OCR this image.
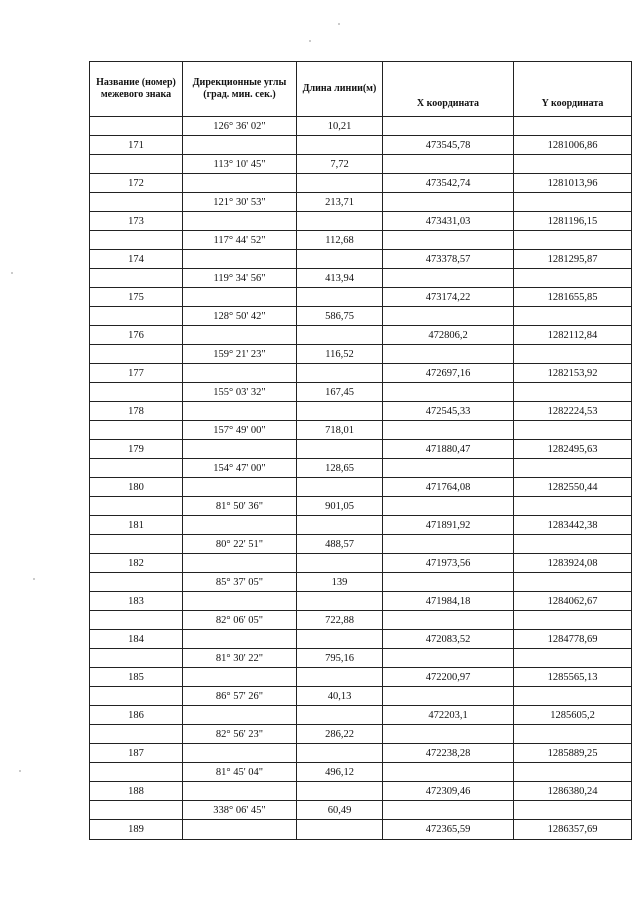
Название (номер) межевого знака	Дирекционные углы (град. мин. сек.)	Длина линии(м)	X координата	Y координата
	126° 36' 02"	10,21		
171			473545,78	1281006,86
	113° 10' 45"	7,72		
172			473542,74	1281013,96
	121° 30' 53"	213,71		
173			473431,03	1281196,15
	117° 44' 52"	112,68		
174			473378,57	1281295,87
	119° 34' 56"	413,94		
175			473174,22	1281655,85
	128° 50' 42"	586,75		
176			472806,2	1282112,84
	159° 21' 23"	116,52		
177			472697,16	1282153,92
	155° 03' 32"	167,45		
178			472545,33	1282224,53
	157° 49' 00"	718,01		
179			471880,47	1282495,63
	154° 47' 00"	128,65		
180			471764,08	1282550,44
	81° 50' 36"	901,05		
181			471891,92	1283442,38
	80° 22' 51"	488,57		
182			471973,56	1283924,08
	85° 37' 05"	139		
183			471984,18	1284062,67
	82° 06' 05"	722,88		
184			472083,52	1284778,69
	81° 30' 22"	795,16		
185			472200,97	1285565,13
	86° 57' 26"	40,13		
186			472203,1	1285605,2
	82° 56' 23"	286,22		
187			472238,28	1285889,25
	81° 45' 04"	496,12		
188			472309,46	1286380,24
	338° 06' 45"	60,49		
189			472365,59	1286357,69
